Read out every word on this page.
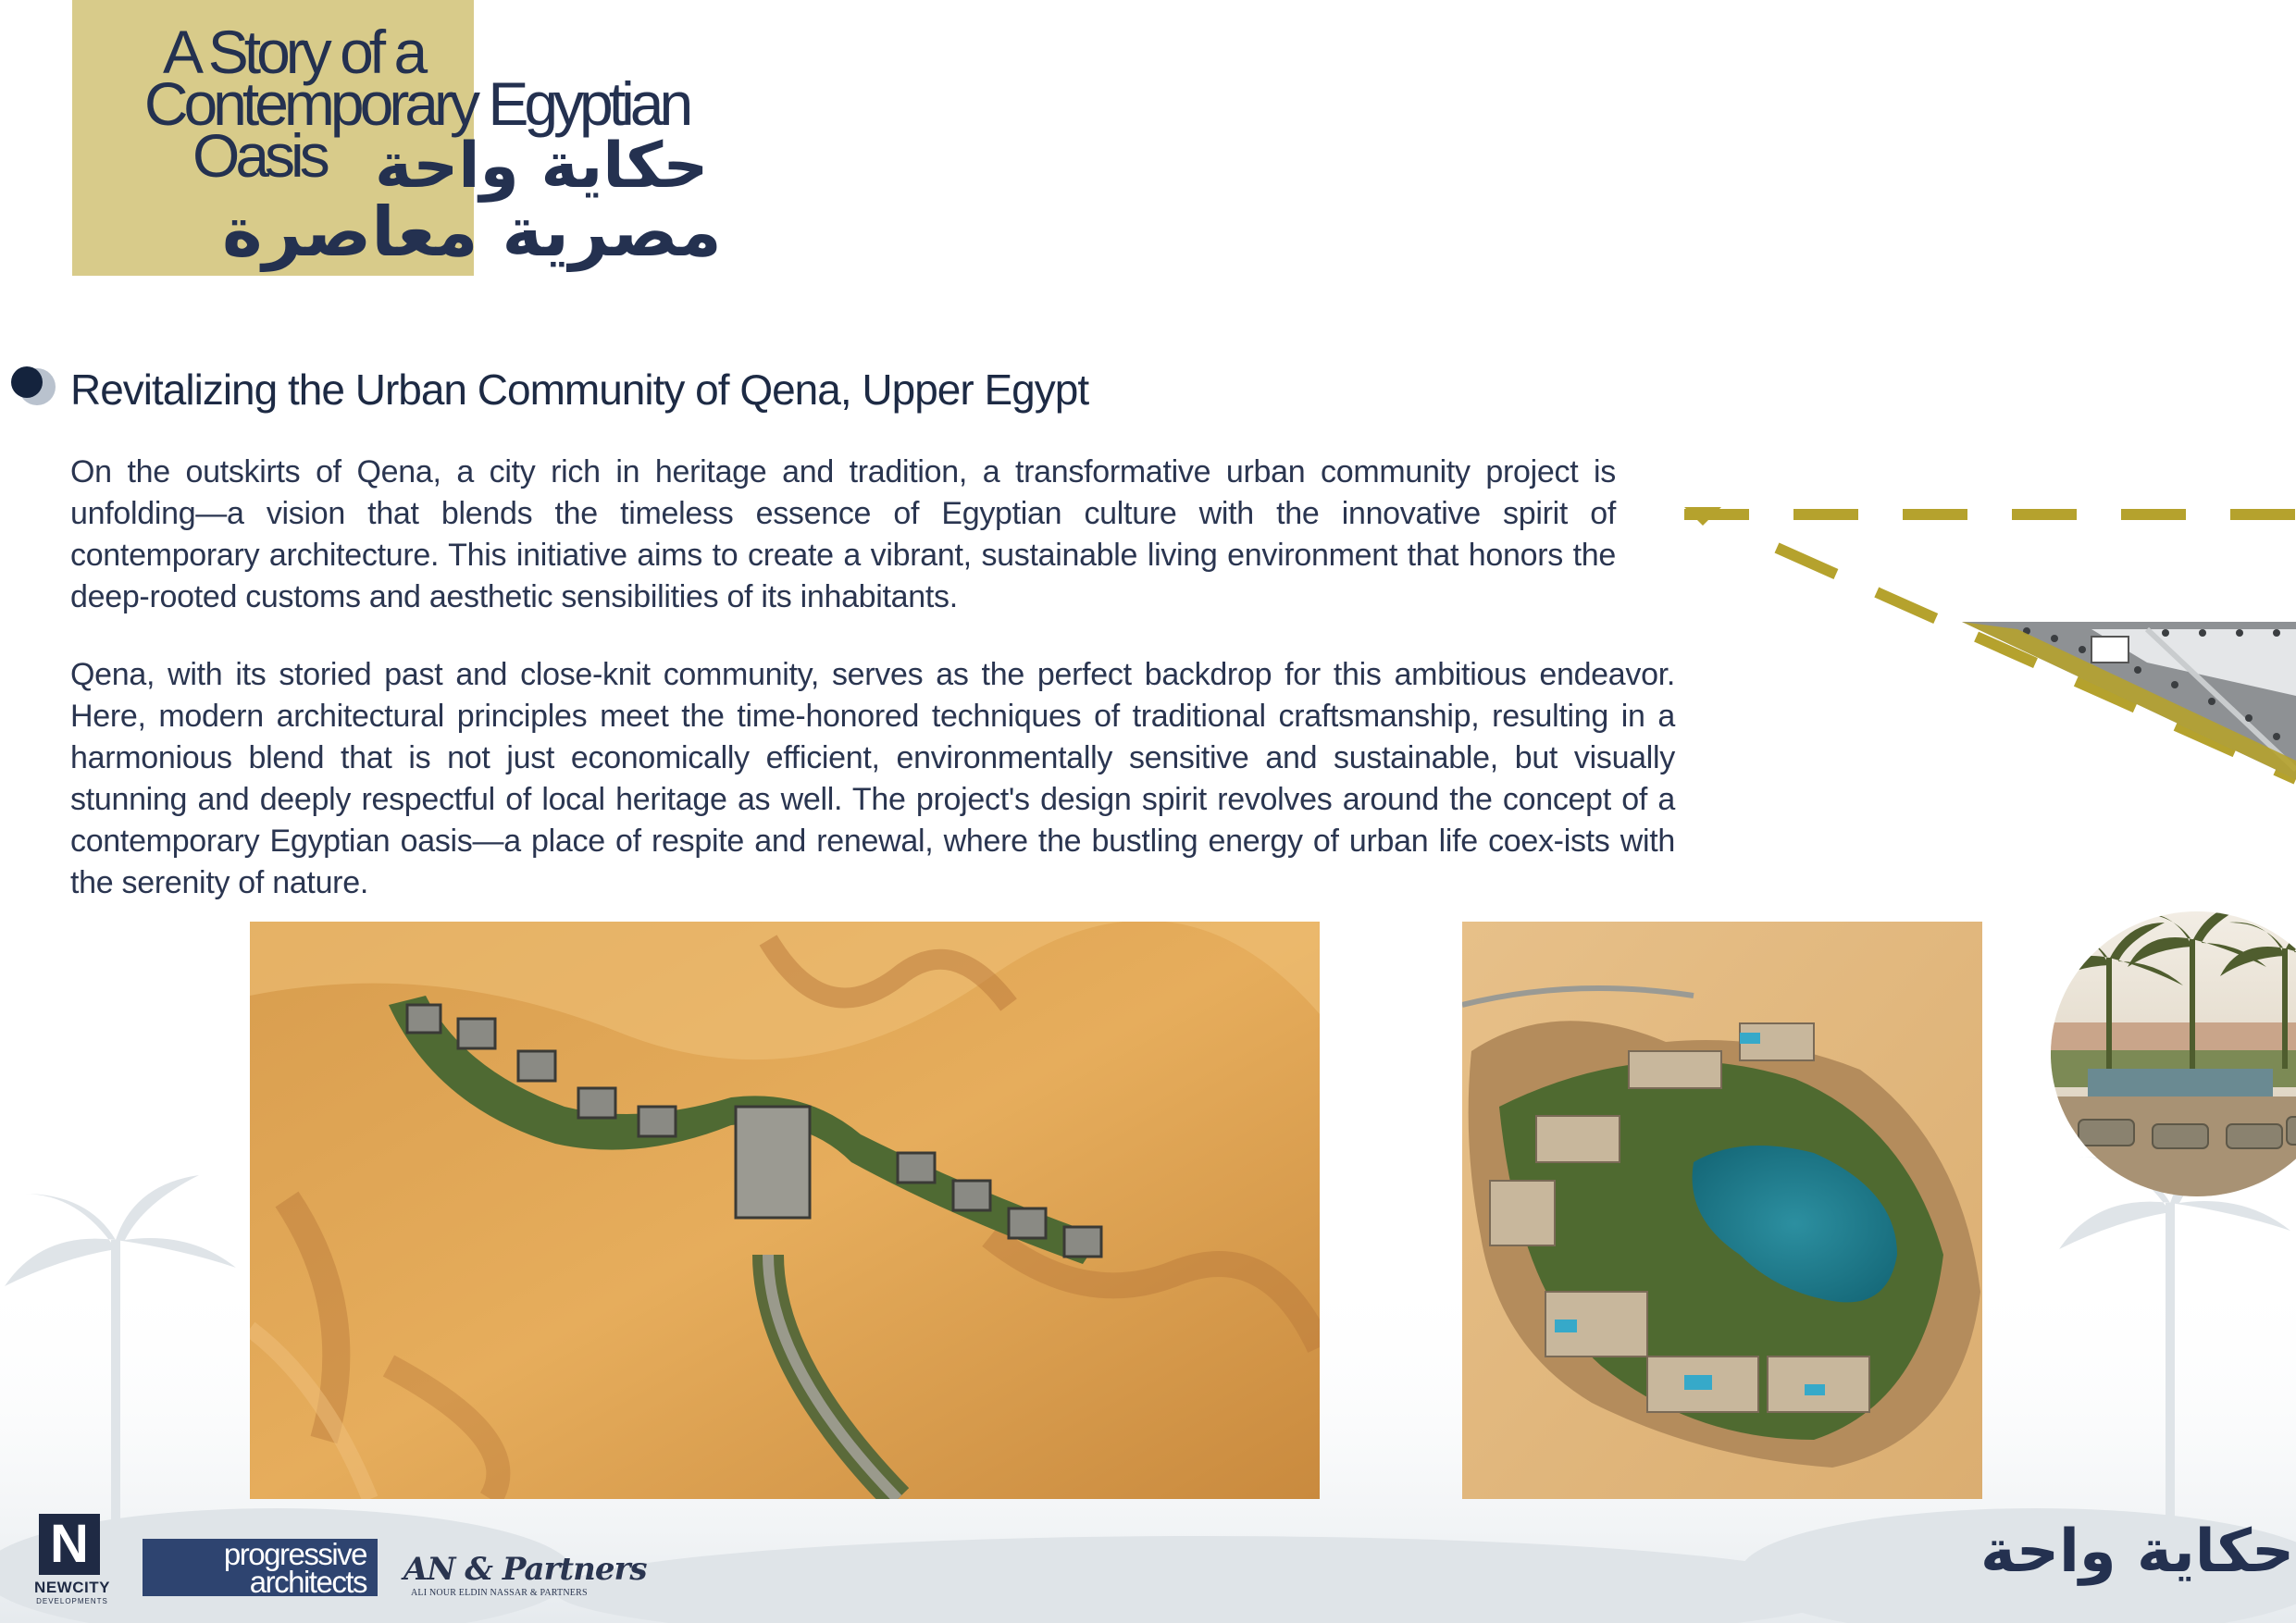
A Story of a
Contemporary Egyptian
Oasis حكاية واحة
مصرية معاصرة
Revitalizing the Urban Community of Qena, Upper Egypt
On the outskirts of Qena, a city rich in heritage and tradition, a transformative urban community project is unfolding—a vision that blends the timeless essence of Egyptian culture with the innovative spirit of contemporary architecture. This initiative aims to create a vibrant, sustainable living environment that honors the deep-rooted customs and aesthetic sensibilities of its inhabitants.
Qena, with its storied past and close-knit community, serves as the perfect backdrop for this ambitious endeavor. Here, modern architectural principles meet the time-honored techniques of traditional craftsmanship, resulting in a harmonious blend that is not just economically efficient, environmentally sensitive and sustainable, but visually stunning and deeply respectful of local heritage as well. The project's design spirit revolves around the concept of a contemporary Egyptian oasis—a place of respite and renewal, where the bustling energy of urban life coex-ists with the serenity of nature.
N
NEWCITY
DEVELOPMENTS
progressive
architects AN & Partners
ALI NOUR ELDIN NASSAR & PARTNERS
حكاية واحة
